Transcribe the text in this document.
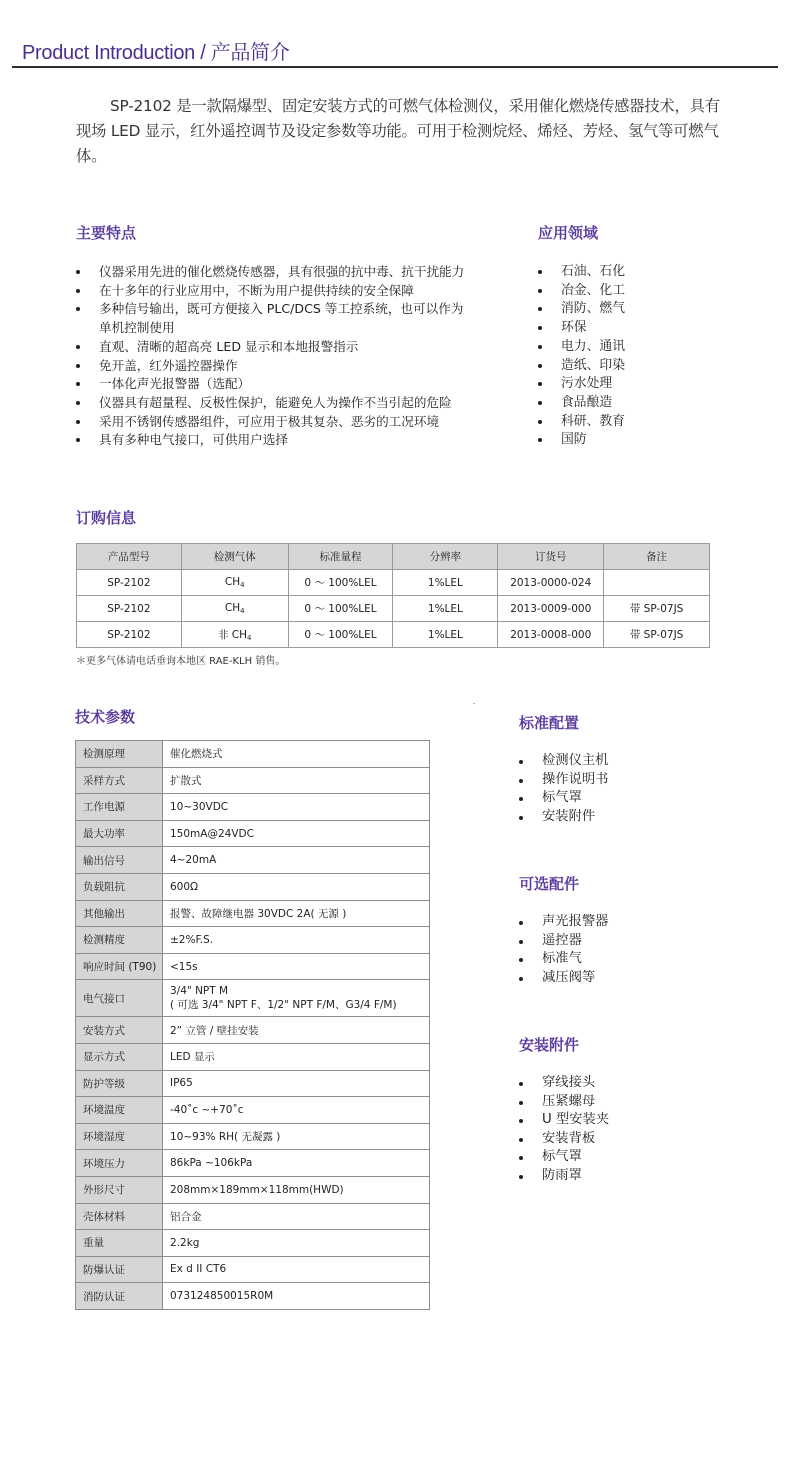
Product Introduction / 产品简介
SP-2102 是一款隔爆型、固定安装方式的可燃气体检测仪，采用催化燃烧传感器技术，具有现场 LED 显示，红外遥控调节及设定参数等功能。可用于检测烷烃、烯烃、芳烃、氢气等可燃气体。
主要特点
仪器采用先进的催化燃烧传感器，具有很强的抗中毒、抗干扰能力
在十多年的行业应用中，不断为用户提供持续的安全保障
多种信号输出，既可方便接入 PLC/DCS 等工控系统，也可以作为
单机控制使用
直观、清晰的超高亮 LED 显示和本地报警指示
免开盖，红外遥控器操作
一体化声光报警器（选配）
仪器具有超量程、反极性保护，能避免人为操作不当引起的危险
采用不锈钢传感器组件，可应用于极其复杂、恶劣的工况环境
具有多种电气接口，可供用户选择
应用领域
石油、石化
冶金、化工
消防、燃气
环保
电力、通讯
造纸、印染
污水处理
食品酿造
科研、教育
国防
订购信息
产品型号	检测气体	标准量程	分辨率	订货号	备注
SP-2102	$CH_4$	0 ～ 100%LEL	1%LEL	2013-0000-024	
SP-2102	$CH_4$	0 ～ 100%LEL	1%LEL	2013-0009-000	带 SP-07JS
SP-2102	非 $CH_4$	0 ～ 100%LEL	1%LEL	2013-0008-000	带 SP-07JS
＊更多气体请电话垂询本地区 RAE-KLH 销售。
技术参数
检测原理	催化燃烧式
采样方式	扩散式
工作电源	10~30VDC
最大功率	150mA@24VDC
输出信号	4~20mA
负载阻抗	600Ω
其他输出	报警、故障继电器 30VDC 2A( 无源 )
检测精度	±2%F.S.
响应时间 (T90)	<15s
电气接口	3/4" NPT M
( 可选 3/4" NPT F、1/2" NPT F/M、G3/4 F/M)

安装方式	2” 立管 / 壁挂安装
显示方式	LED 显示
防护等级	IP65
环境温度	-40˚c ~+70˚c
环境湿度	10~93% RH( 无凝露 )
环境压力	86kPa ~106kPa
外形尺寸	208mm×189mm×118mm(HWD)
壳体材料	铝合金
重量	2.2kg
防爆认证	Ex d II CT6
消防认证	073124850015R0M
标准配置
检测仪主机
操作说明书
标气罩
安装附件
可选配件
声光报警器
遥控器
标准气
减压阀等
安装附件
穿线接头
压紧螺母
U 型安装夹
安装背板
标气罩
防雨罩
